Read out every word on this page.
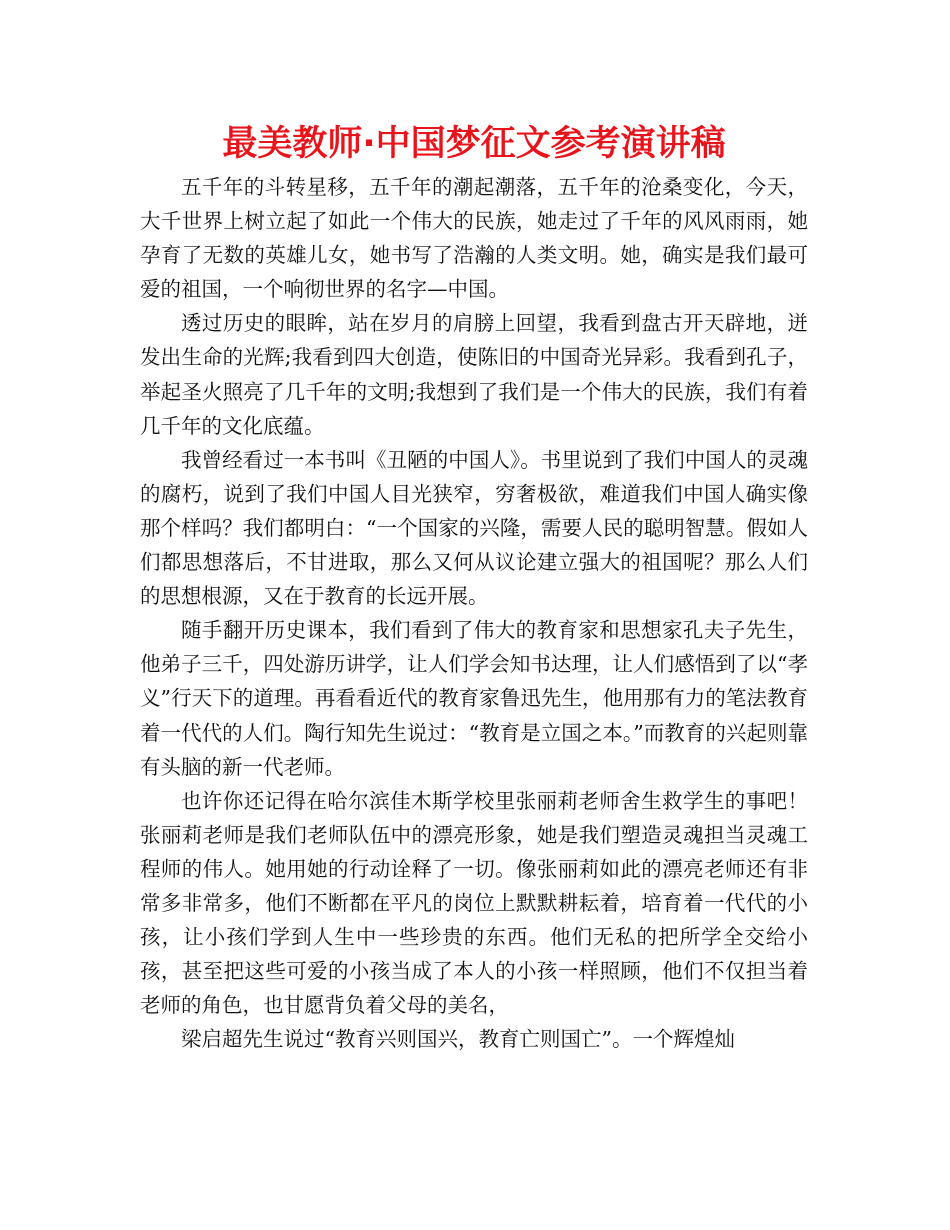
最美教师·中国梦征文参考演讲稿

五千年的斗转星移，五千年的潮起潮落，五千年的沧桑变化，今天，大千世界上树立起了如此一个伟大的民族，她走过了千年的风风雨雨，她孕育了无数的英雄儿女，她书写了浩瀚的人类文明。她，确实是我们最可爱的祖国，一个响彻世界的名字—中国。

透过历史的眼眸，站在岁月的肩膀上回望，我看到盘古开天辟地，迸发出生命的光辉;我看到四大创造，使陈旧的中国奇光异彩。我看到孔子，举起圣火照亮了几千年的文明;我想到了我们是一个伟大的民族，我们有着几千年的文化底蕴。

我曾经看过一本书叫《丑陋的中国人》。书里说到了我们中国人的灵魂的腐朽，说到了我们中国人目光狭窄，穷奢极欲，难道我们中国人确实像那个样吗？我们都明白：“一个国家的兴隆，需要人民的聪明智慧。假如人们都思想落后，不甘进取，那么又何从议论建立强大的祖国呢？那么人们的思想根源，又在于教育的长远开展。

随手翻开历史课本，我们看到了伟大的教育家和思想家孔夫子先生，他弟子三千，四处游历讲学，让人们学会知书达理，让人们感悟到了以“孝义”行天下的道理。再看看近代的教育家鲁迅先生，他用那有力的笔法教育着一代代的人们。陶行知先生说过：“教育是立国之本。”而教育的兴起则靠有头脑的新一代老师。

也许你还记得在哈尔滨佳木斯学校里张丽莉老师舍生救学生的事吧！张丽莉老师是我们老师队伍中的漂亮形象，她是我们塑造灵魂担当灵魂工程师的伟人。她用她的行动诠释了一切。像张丽莉如此的漂亮老师还有非常多非常多，他们不断都在平凡的岗位上默默耕耘着，培育着一代代的小孩，让小孩们学到人生中一些珍贵的东西。他们无私的把所学全交给小孩，甚至把这些可爱的小孩当成了本人的小孩一样照顾，他们不仅担当着老师的角色，也甘愿背负着父母的美名，

梁启超先生说过“教育兴则国兴，教育亡则国亡”。一个辉煌灿
